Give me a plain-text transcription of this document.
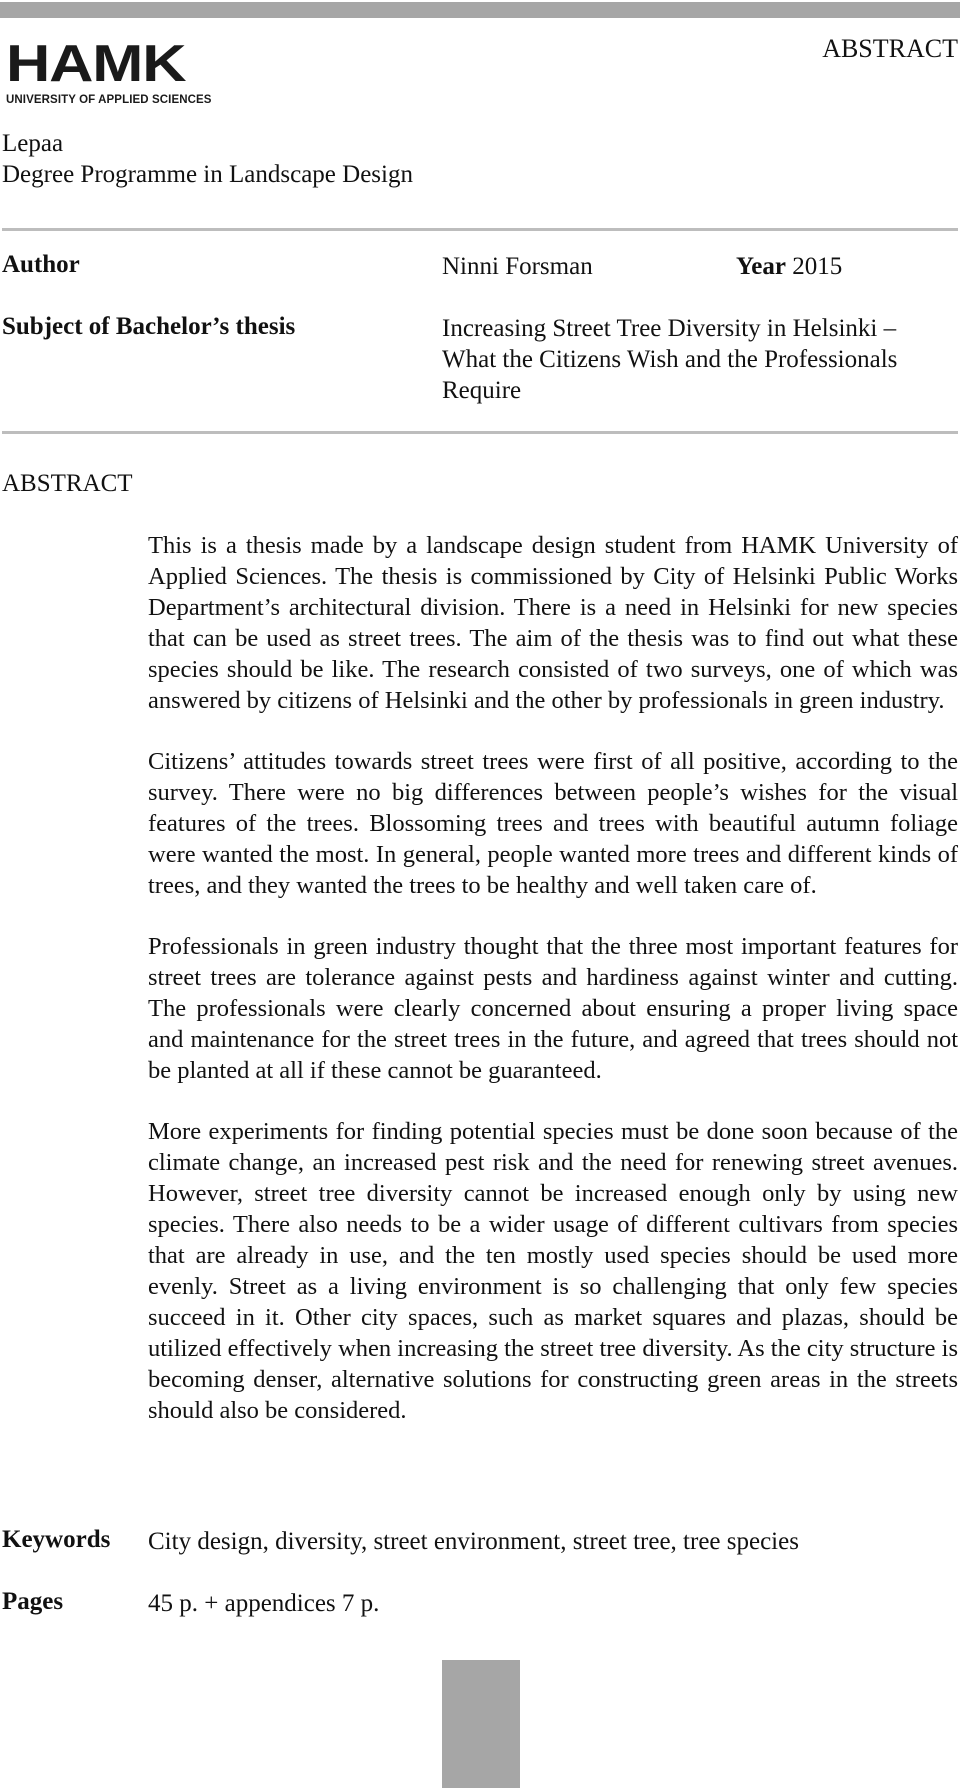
HAMK
UNIVERSITY OF APPLIED SCIENCES
ABSTRACT
Lepaa
Degree Programme in Landscape Design
Author	Ninni Forsman	Year 2015
Subject of Bachelor’s thesis	Increasing Street Tree Diversity in Helsinki –
What the Citizens Wish and the Professionals
Require
ABSTRACT

This is a thesis made by a landscape design student from HAMK University of Applied Sciences. The thesis is commissioned by City of Helsinki Public Works Department’s architectural division. There is a need in Helsinki for new species that can be used as street trees. The aim of the thesis was to find out what these species should be like. The research consisted of two surveys, one of which was answered by citizens of Helsinki and the other by professionals in green industry.

Citizens’ attitudes towards street trees were first of all positive, according to the survey. There were no big differences between people’s wishes for the visual features of the trees. Blossoming trees and trees with beautiful autumn foliage were wanted the most. In general, people wanted more trees and different kinds of trees, and they wanted the trees to be healthy and well taken care of.

Professionals in green industry thought that the three most important features for street trees are tolerance against pests and hardiness against winter and cutting. The professionals were clearly concerned about ensuring a proper living space and maintenance for the street trees in the future, and agreed that trees should not be planted at all if these cannot be guaranteed.

More experiments for finding potential species must be done soon because of the climate change, an increased pest risk and the need for renewing street avenues. However, street tree diversity cannot be increased enough only by using new species. There also needs to be a wider usage of different cultivars from species that are already in use, and the ten mostly used species should be used more evenly. Street as a living environment is so challenging that only few species succeed in it. Other city spaces, such as market squares and plazas, should be utilized effectively when increasing the street tree diversity. As the city structure is becoming denser, alternative solutions for constructing green areas in the streets should also be considered.

Keywords City design, diversity, street environment, street tree, tree species
Pages	45 p. + appendices 7 p.
